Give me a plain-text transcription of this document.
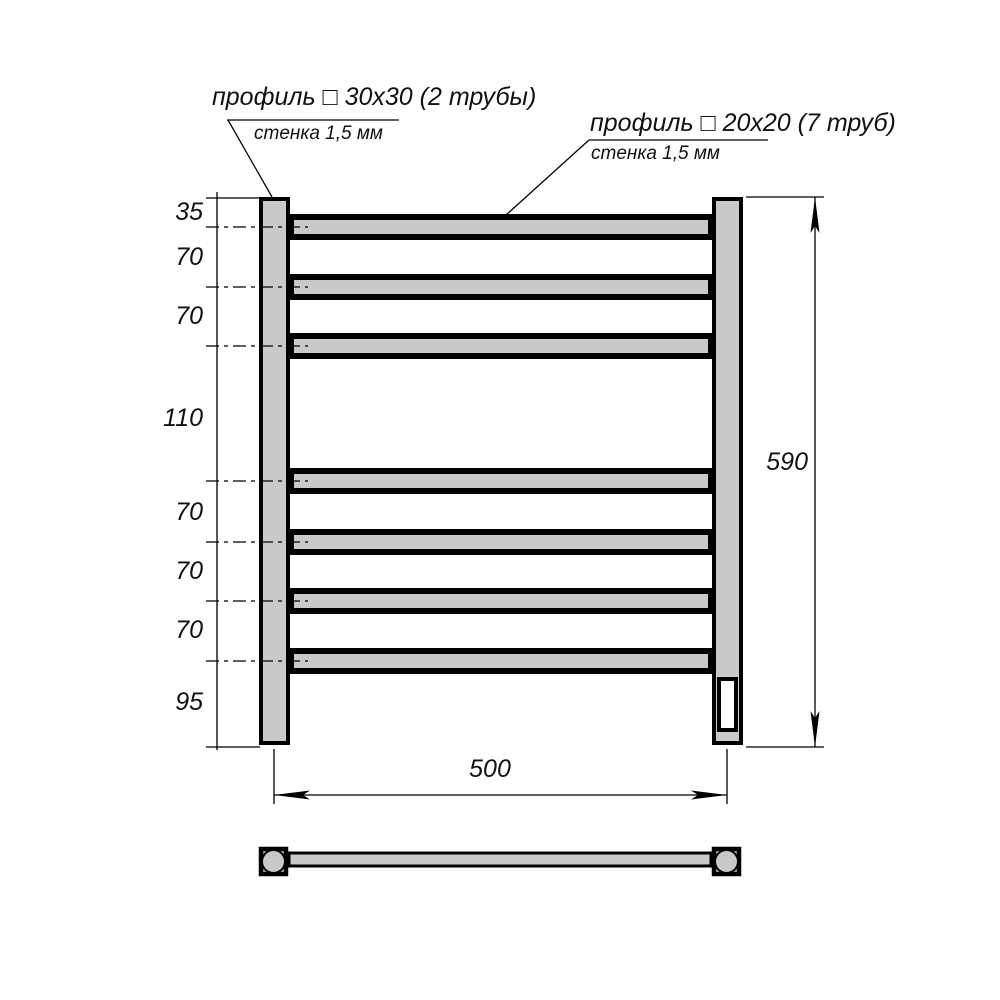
профиль □ 30х30 (2 трубы)
стенка 1,5 мм	профиль □ 20х20 (7 труб)
стенка 1,5 мм
35
70
70
110
70
70
70
95
590
500
